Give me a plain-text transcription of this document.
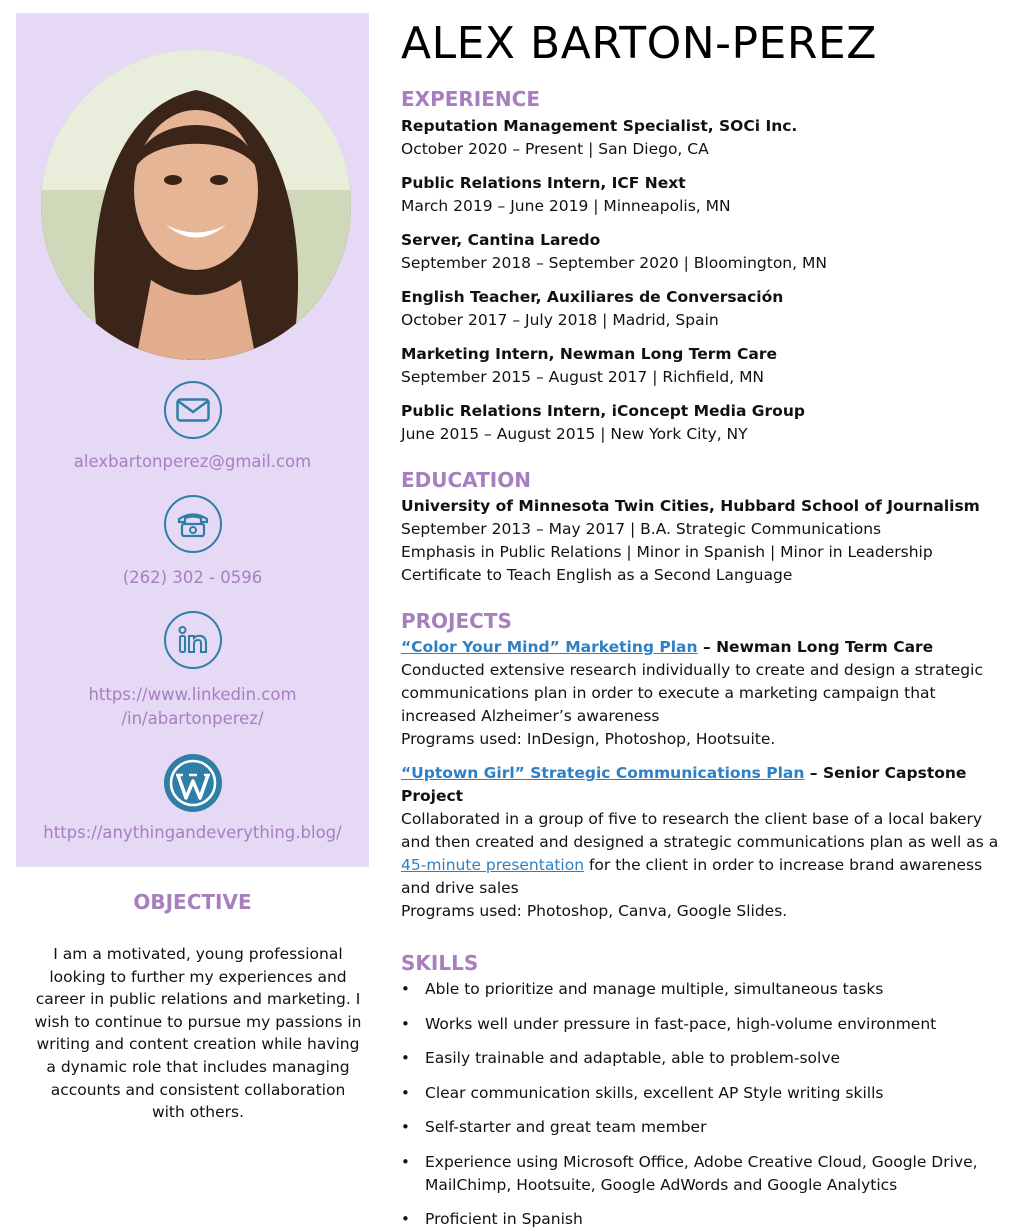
alexbartonperez@gmail.com
(262) 302 - 0596
https://www.linkedin.com
/in/abartonperez/
https://anythingandeverything.blog/
OBJECTIVE
I am a motivated, young professional looking to further my experiences and career in public relations and marketing. I wish to continue to pursue my passions in writing and content creation while having a dynamic role that includes managing accounts and consistent collaboration with others.
ALEX BARTON-PEREZ

EXPERIENCE

Reputation Management Specialist, SOCi Inc.

October 2020 – Present | San Diego, CA

Public Relations Intern, ICF Next

March 2019 – June 2019 | Minneapolis, MN

Server, Cantina Laredo

September 2018 – September 2020 | Bloomington, MN

English Teacher, Auxiliares de Conversación

October 2017 – July 2018 | Madrid, Spain

Marketing Intern, Newman Long Term Care

September 2015 – August 2017 | Richfield, MN

Public Relations Intern, iConcept Media Group

June 2015 – August 2015 | New York City, NY

EDUCATION

University of Minnesota Twin Cities, Hubbard School of Journalism

September 2013 – May 2017 | B.A. Strategic Communications

Emphasis in Public Relations | Minor in Spanish | Minor in Leadership

Certificate to Teach English as a Second Language

PROJECTS

“Color Your Mind” Marketing Plan – Newman Long Term Care

Conducted extensive research individually to create and design a strategic communications plan in order to execute a marketing campaign that increased Alzheimer’s awareness

Programs used: InDesign, Photoshop, Hootsuite.

“Uptown Girl” Strategic Communications Plan – Senior Capstone Project

Collaborated in a group of five to research the client base of a local bakery and then created and designed a strategic communications plan as well as a 45-minute presentation for the client in order to increase brand awareness and drive sales

Programs used: Photoshop, Canva, Google Slides.

SKILLS

• Able to prioritize and manage multiple, simultaneous tasks
• Works well under pressure in fast-pace, high-volume environment
• Easily trainable and adaptable, able to problem-solve
• Clear communication skills, excellent AP Style writing skills
• Self-starter and great team member
• Experience using Microsoft Office, Adobe Creative Cloud, Google Drive, MailChimp, Hootsuite, Google AdWords and Google Analytics
• Proficient in Spanish
